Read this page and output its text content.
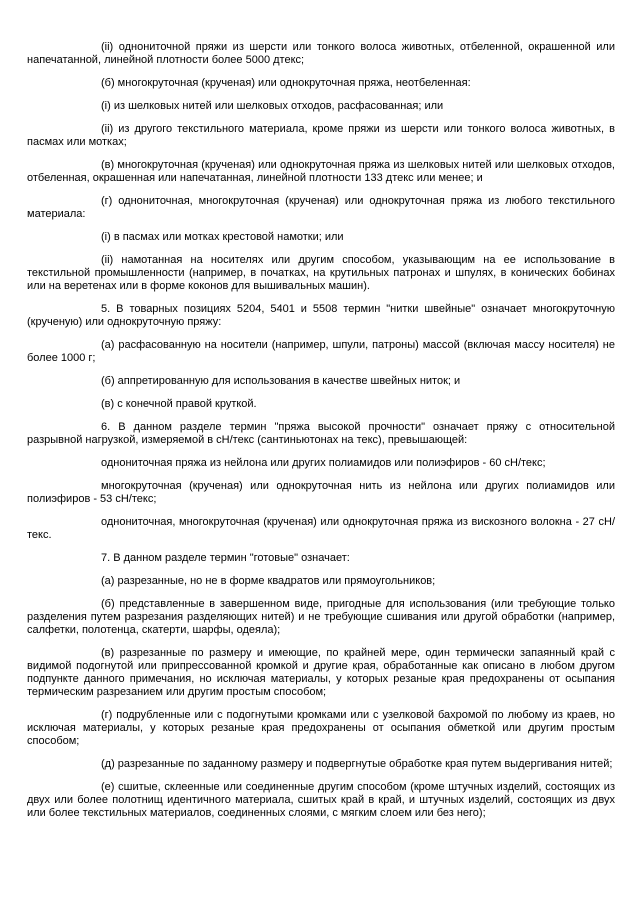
(ii) однониточной пряжи из шерсти или тонкого волоса животных, отбеленной, окрашенной или напечатанной, линейной плотности более 5000 дтекс;

(б) многокруточная (крученая) или однокруточная пряжа, неотбеленная:

(i) из шелковых нитей или шелковых отходов, расфасованная; или

(ii) из другого текстильного материала, кроме пряжи из шерсти или тонкого волоса животных, в пасмах или мотках;

(в) многокруточная (крученая) или однокруточная пряжа из шелковых нитей или шелковых отходов, отбеленная, окрашенная или напечатанная, линейной плотности 133 дтекс или менее; и

(г) однониточная, многокруточная (крученая) или однокруточная пряжа из любого текстильного материала:

(i) в пасмах или мотках крестовой намотки; или

(ii) намотанная на носителях или другим способом, указывающим на ее использование в текстильной промышленности (например, в початках, на крутильных патронах и шпулях, в конических бобинах или на веретенах или в форме коконов для вышивальных машин).

5. В товарных позициях 5204, 5401 и 5508 термин "нитки швейные" означает многокруточную (крученую) или однокруточную пряжу:

(а) расфасованную на носители (например, шпули, патроны) массой (включая массу носителя) не более 1000 г;

(б) аппретированную для использования в качестве швейных ниток; и

(в) с конечной правой круткой.

6. В данном разделе термин "пряжа высокой прочности" означает пряжу с относительной разрывной нагрузкой, измеряемой в сН/текс (сантиньютонах на текс), превышающей:

однониточная пряжа из нейлона или других полиамидов или полиэфиров - 60 сН/текс;

многокруточная (крученая) или однокруточная нить из нейлона или других полиамидов или полиэфиров - 53 сН/текс;

однониточная, многокруточная (крученая) или однокруточная пряжа из вискозного волокна - 27 сН/текс.

7. В данном разделе термин "готовые" означает:

(а) разрезанные, но не в форме квадратов или прямоугольников;

(б) представленные в завершенном виде, пригодные для использования (или требующие только разделения путем разрезания разделяющих нитей) и не требующие сшивания или другой обработки (например, салфетки, полотенца, скатерти, шарфы, одеяла);

(в) разрезанные по размеру и имеющие, по крайней мере, один термически запаянный край с видимой подогнутой или припрессованной кромкой и другие края, обработанные как описано в любом другом подпункте данного примечания, но исключая материалы, у которых резаные края предохранены от осыпания термическим разрезанием или другим простым способом;

(г) подрубленные или с подогнутыми кромками или с узелковой бахромой по любому из краев, но исключая материалы, у которых резаные края предохранены от осыпания обметкой или другим простым способом;

(д) разрезанные по заданному размеру и подвергнутые обработке края путем выдергивания нитей;

(е) сшитые, склеенные или соединенные другим способом (кроме штучных изделий, состоящих из двух или более полотнищ идентичного материала, сшитых край в край, и штучных изделий, состоящих из двух или более текстильных материалов, соединенных слоями, с мягким слоем или без него);
